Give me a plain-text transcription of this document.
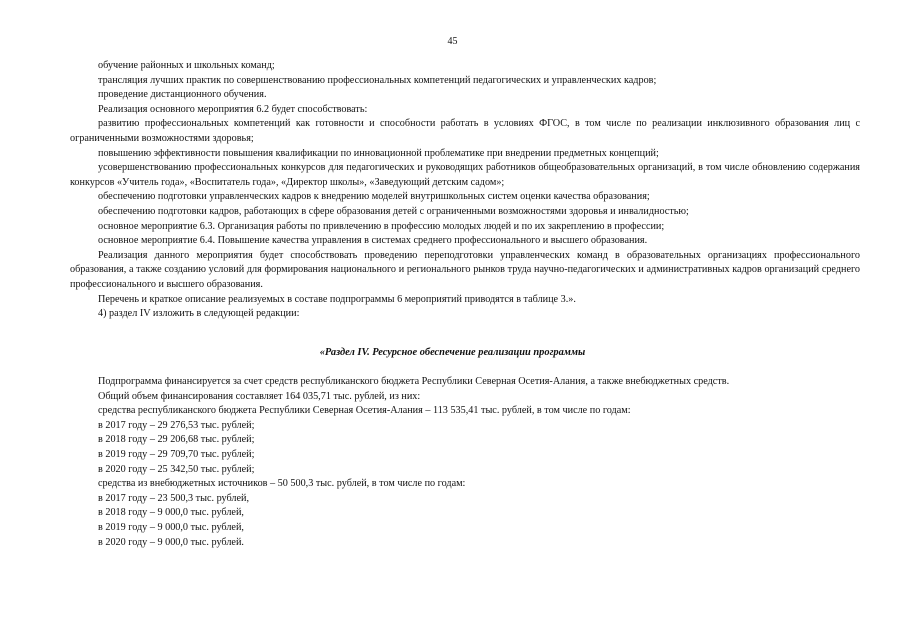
45

обучение районных и школьных команд;

трансляция лучших практик по совершенствованию профессиональных компетенций педагогических и управленческих кадров;

проведение дистанционного обучения.

Реализация основного мероприятия 6.2 будет способствовать:

развитию профессиональных компетенций как готовности и способности работать в условиях ФГОС, в том числе по реализации инклюзивного образования лиц с ограниченными возможностями здоровья;

повышению эффективности повышения квалификации по инновационной проблематике при внедрении предметных концепций;

усовершенствованию профессиональных конкурсов для педагогических и руководящих работников общеобразовательных организаций, в том числе обновлению содержания конкурсов «Учитель года», «Воспитатель года», «Директор школы», «Заведующий детским садом»;

обеспечению подготовки управленческих кадров к внедрению моделей внутришкольных систем оценки качества образования;

обеспечению подготовки кадров, работающих в сфере образования детей с ограниченными возможностями здоровья и инвалидностью;

основное мероприятие 6.3. Организация работы по привлечению в профессию молодых людей и по их закреплению в профессии;

основное мероприятие 6.4. Повышение качества управления в системах среднего профессионального и высшего образования.

Реализация данного мероприятия будет способствовать проведению переподготовки управленческих команд в образовательных организациях профессионального образования, а также созданию условий для формирования национального и регионального рынков труда научно-педагогических и административных кадров организаций среднего профессионального и высшего образования.

Перечень и краткое описание реализуемых в составе подпрограммы 6 мероприятий приводятся в таблице 3.».

4) раздел IV изложить в следующей редакции:

«Раздел IV. Ресурсное обеспечение реализации программы

Подпрограмма финансируется за счет средств республиканского бюджета Республики Северная Осетия-Алания, а также внебюджетных средств.

Общий объем финансирования составляет 164 035,71 тыс. рублей, из них:

средства республиканского бюджета Республики Северная Осетия-Алания – 113 535,41 тыс. рублей, в том числе по годам:

в 2017 году – 29 276,53 тыс. рублей;

в 2018 году – 29 206,68 тыс. рублей;

в 2019 году – 29 709,70 тыс. рублей;

в 2020 году – 25 342,50 тыс. рублей;

средства из внебюджетных источников – 50 500,3 тыс. рублей, в том числе по годам:

в 2017 году – 23 500,3 тыс. рублей,

в 2018 году – 9 000,0 тыс. рублей,

в 2019 году – 9 000,0 тыс. рублей,

в 2020 году – 9 000,0 тыс. рублей.
